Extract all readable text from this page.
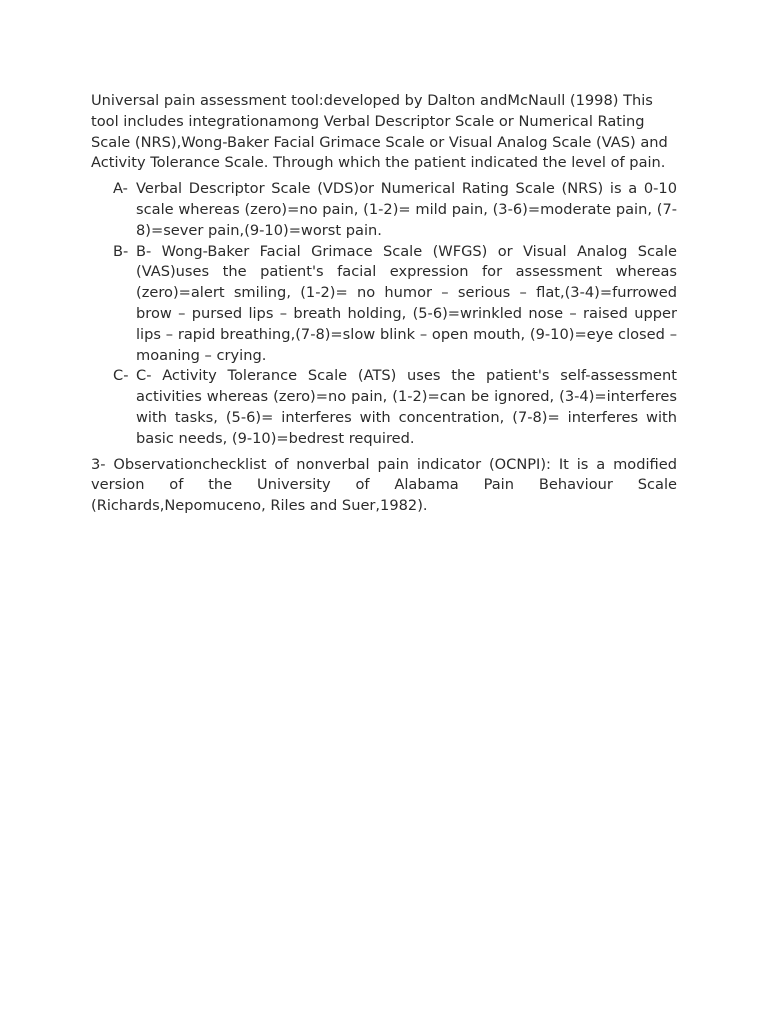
Universal pain assessment tool:developed by Dalton andMcNaull (1998) This tool includes integrationamong Verbal Descriptor Scale or Numerical Rating Scale (NRS),Wong-Baker Facial Grimace Scale or Visual Analog Scale (VAS) and Activity Tolerance Scale. Through which the patient indicated the level of pain.

A- Verbal Descriptor Scale (VDS)or Numerical Rating Scale (NRS) is a 0-10 scale whereas (zero)=no pain, (1-2)= mild pain, (3-6)=moderate pain, (7-8)=sever pain,(9-10)=worst pain.
B- B- Wong-Baker Facial Grimace Scale (WFGS) or Visual Analog Scale (VAS)uses the patient's facial expression for assessment whereas (zero)=alert smiling, (1-2)= no humor – serious – flat,(3-4)=furrowed brow – pursed lips – breath holding, (5-6)=wrinkled nose – raised upper lips – rapid breathing,(7-8)=slow blink – open mouth, (9-10)=eye closed – moaning – crying.
C- C- Activity Tolerance Scale (ATS) uses the patient's self-assessment activities whereas (zero)=no pain, (1-2)=can be ignored, (3-4)=interferes with tasks, (5-6)= interferes with concentration, (7-8)= interferes with basic needs, (9-10)=bedrest required.

3- Observationchecklist of nonverbal pain indicator (OCNPI): It is a modified version of the University of Alabama Pain Behaviour Scale (Richards,Nepomuceno, Riles and Suer,1982).
